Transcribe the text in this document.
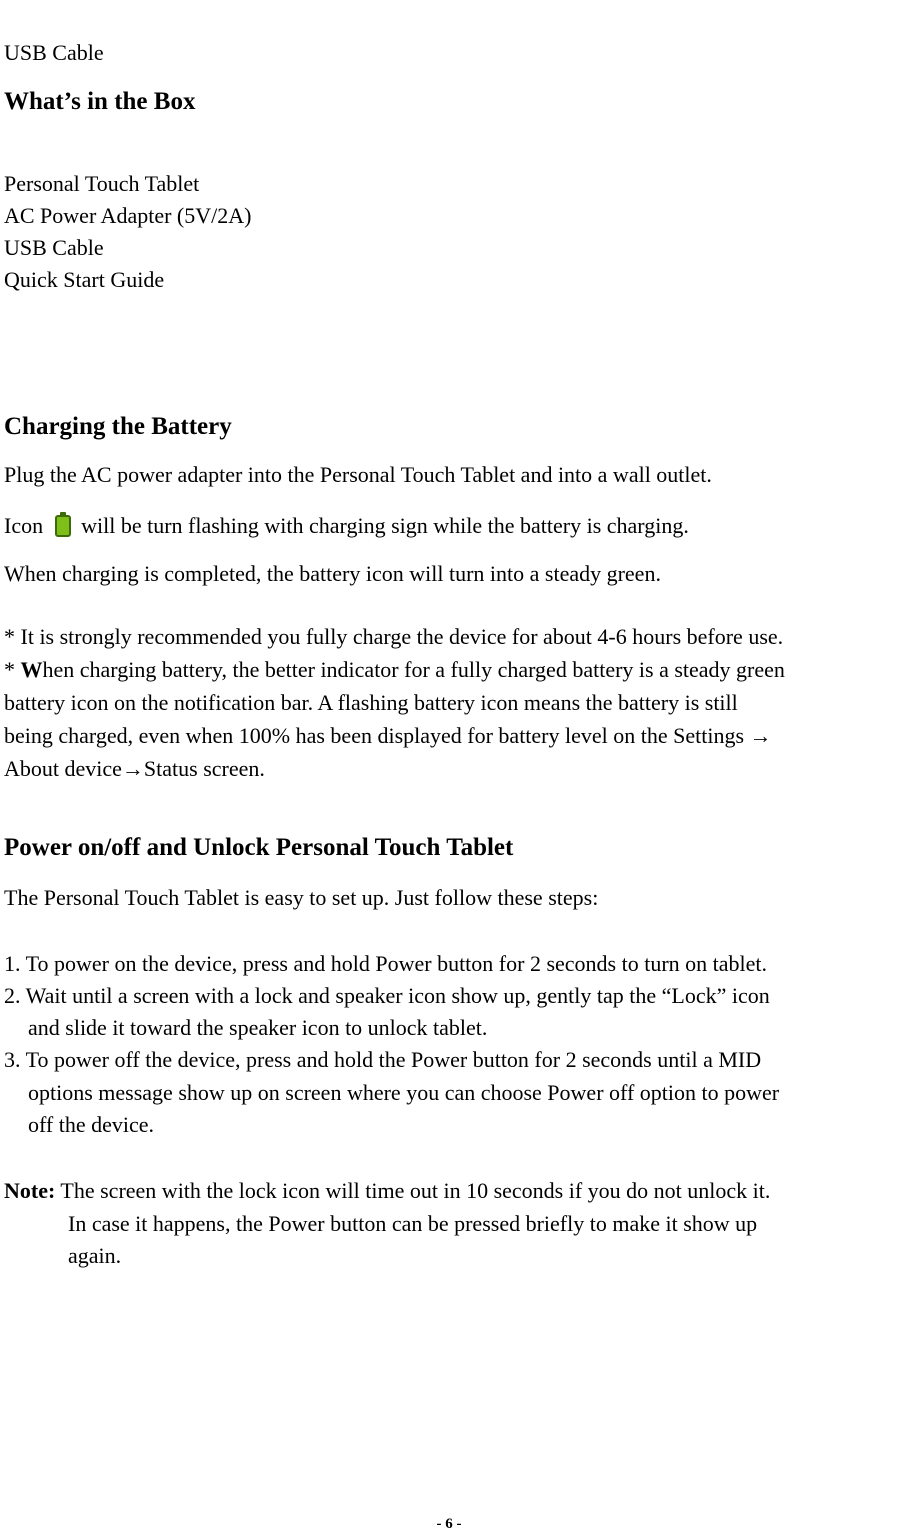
USB Cable
What’s in the Box
Personal Touch Tablet
AC Power Adapter (5V/2A)
USB Cable
Quick Start Guide
Charging the Battery
Plug the AC power adapter into the Personal Touch Tablet and into a wall outlet.
Icon will be turn flashing with charging sign while the battery is charging.
When charging is completed, the battery icon will turn into a steady green.
* It is strongly recommended you fully charge the device for about 4-6 hours before use.
* When charging battery, the better indicator for a fully charged battery is a steady green
battery icon on the notification bar. A flashing battery icon means the battery is still
being charged, even when 100% has been displayed for battery level on the Settings →
About device→Status screen.
Power on/off and Unlock Personal Touch Tablet
The Personal Touch Tablet is easy to set up. Just follow these steps:
1. To power on the device, press and hold Power button for 2 seconds to turn on tablet.
2. Wait until a screen with a lock and speaker icon show up, gently tap the “Lock” icon
and slide it toward the speaker icon to unlock tablet.
3. To power off the device, press and hold the Power button for 2 seconds until a MID
options message show up on screen where you can choose Power off option to power
off the device.
Note: The screen with the lock icon will time out in 10 seconds if you do not unlock it.
In case it happens, the Power button can be pressed briefly to make it show up
again.
- 6 -
